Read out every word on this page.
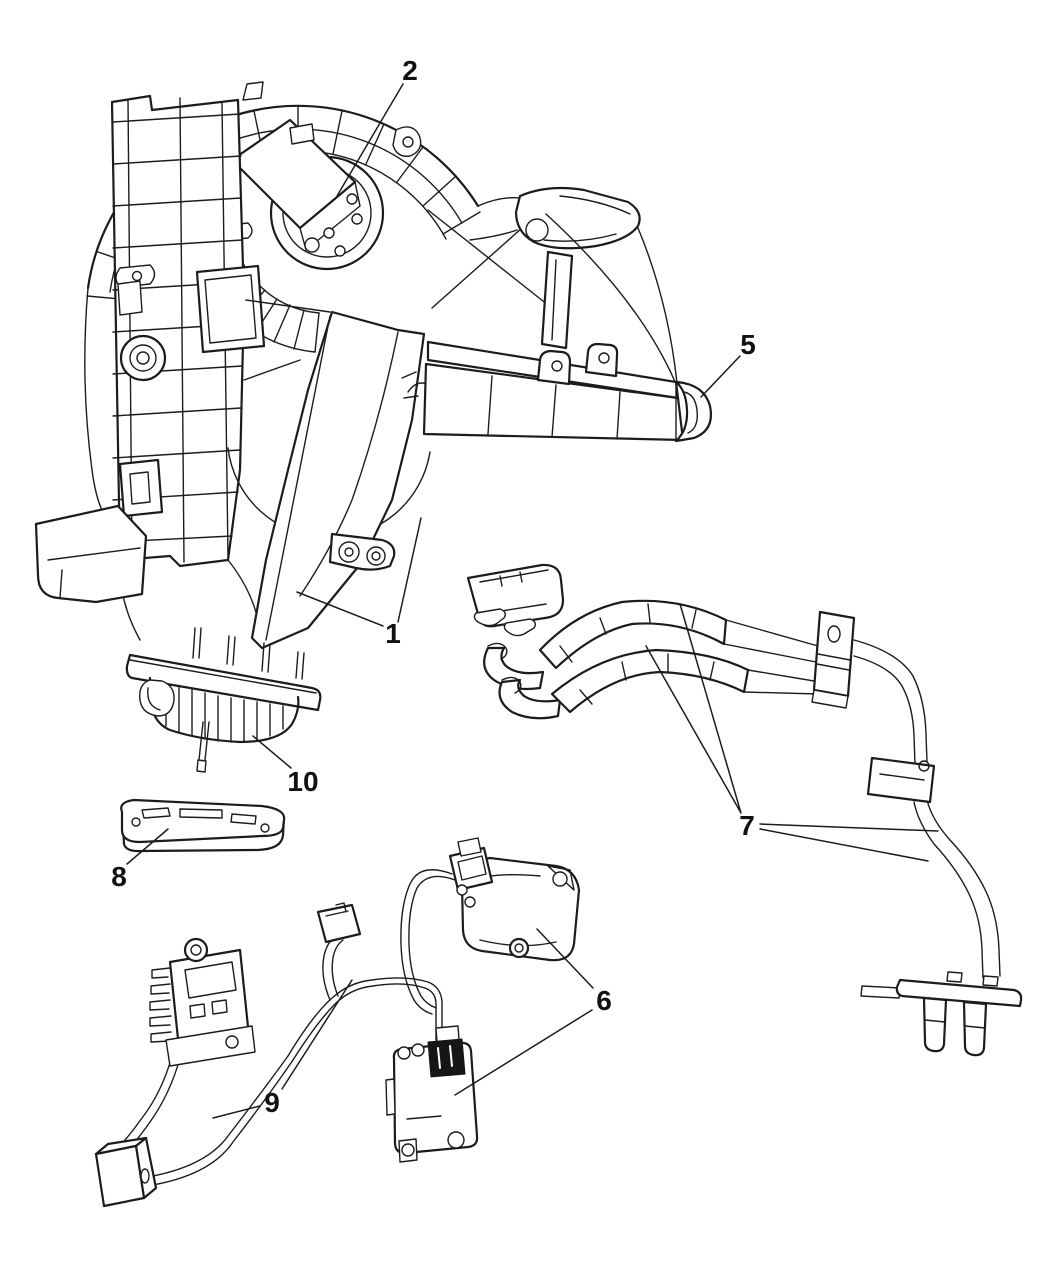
1
2
5
6
7
8
9
10
